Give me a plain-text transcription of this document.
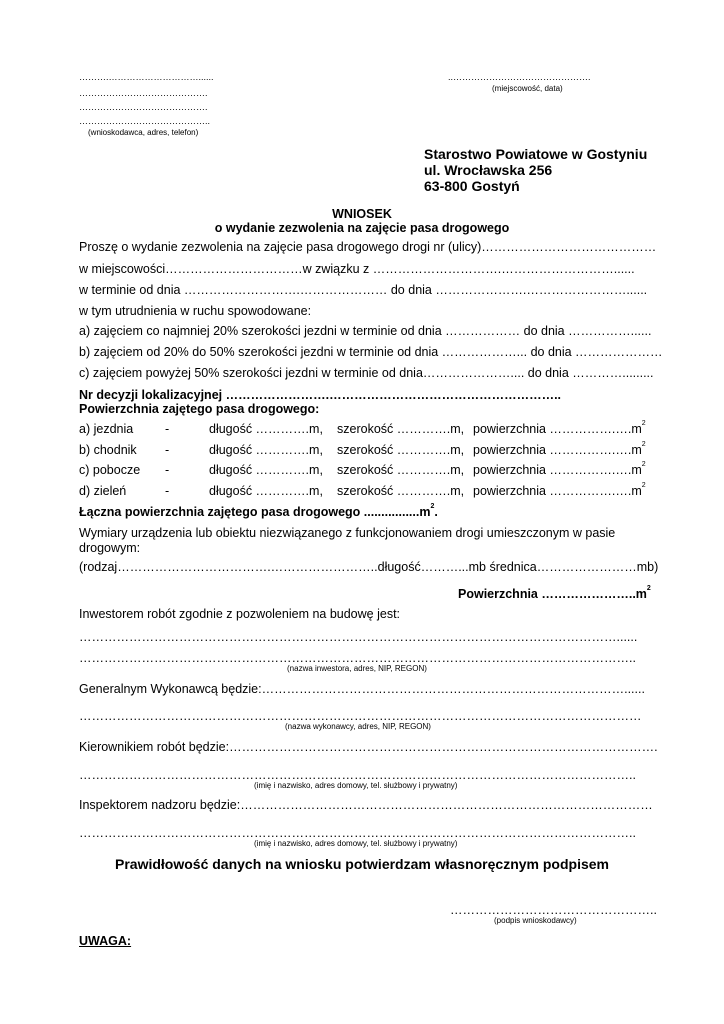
……….…………………………......
…………………………………….
…………………………………….
……………………………………..
(wnioskodawca, adres, telefon)
..……………………………………….
(miejscowość, data)
Starostwo Powiatowe w Gostyniu
ul. Wrocławska 256
63-800 Gostyń
WNIOSEK
o wydanie zezwolenia na zajęcie pasa drogowego
Proszę o wydanie zezwolenia na zajęcie pasa drogowego drogi nr (ulicy)……………………………………
w miejscowości……………………………w związku z ………………………….………………………......
w terminie od dnia ……………………….………………… do dnia ………………….……………………......
w tym utrudnienia w ruchu spowodowane:
a) zajęciem co najmniej 20% szerokości jezdni w terminie od dnia ……………… do dnia ……………......
b) zajęciem od 20% do 50% szerokości jezdni w terminie od dnia ………………... do dnia …………………
c) zajęciem powyżej 50% szerokości jezdni w terminie od dnia………………….... do dnia ………….........
Nr decyzji lokalizacyjnej …………………….………………………………………………..
Powierzchnia zajętego pasa drogowego:
a) jezdnia	-	długość ………….m, szerokość ………….m, powierzchnia $\dots\dots\dots\dots\dots.\dots.m^2$
b) chodnik -	długość ………….m, szerokość ………….m, powierzchnia $\dots\dots\dots\dots\dots.\dots.m^2$
c) pobocze -	długość ………….m, szerokość ………….m, powierzchnia $\dots\dots\dots\dots\dots.\dots.m^2$
d) zieleń	-	długość ………….m, szerokość ………….m, powierzchnia $\dots\dots\dots\dots\dots.\dots.m^2$
Łączna powierzchnia zajętego pasa drogowego $................m^2$.
Wymiary urządzenia lub obiektu niezwiązanego z funkcjonowaniem drogi umieszczonym w pasie
drogowym:
(rodzaj……………………………….……………………..długość………...mb średnica……………………mb)
Powierzchnia $\dots\dots\dots\dots\dots\dots\dots..m^2$
Inwestorem robót zgodnie z pozwoleniem na budowę jest:
…………………………………………………………………………………………………………………......
……………………………………………………………………………………………………………………..
(nazwa inwestora, adres, NIP, REGON)
Generalnym Wykonawcą będzie:……………………………………………………………………………......
………………………………………………………………………………………………………………………
(nazwa wykonawcy, adres, NIP, REGON)
Kierownikiem robót będzie:………………………………………………………………………………………….
……………………………………………………………………………………………………………………..
(imię i nazwisko, adres domowy, tel. służbowy i prywatny)
Inspektorem nadzoru będzie:………………………………………………………………………………………
……………………………………………………………………………………………………………………..
(imię i nazwisko, adres domowy, tel. służbowy i prywatny)
Prawidłowość danych na wniosku potwierdzam własnoręcznym podpisem
…………………………………………..
(podpis wnioskodawcy)
UWAGA:
